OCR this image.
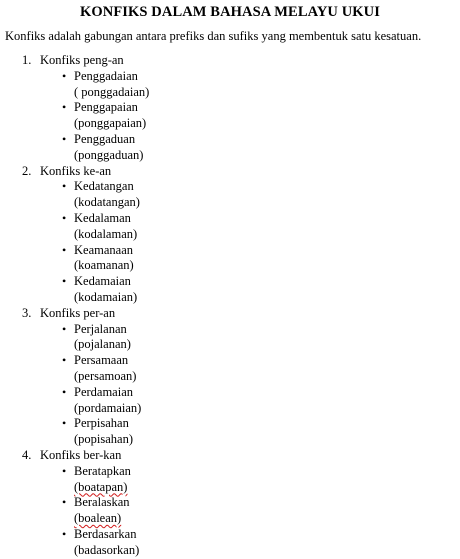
KONFIKS DALAM BAHASA MELAYU UKUI
Konfiks adalah gabungan antara prefiks dan sufiks yang membentuk satu kesatuan.
1. Konfiks peng-an
• Penggadaian
( ponggadaian)
• Penggapaian
(ponggapaian)
• Penggaduan
(ponggaduan)
2. Konfiks ke-an
• Kedatangan
(kodatangan)
• Kedalaman
(kodalaman)
• Keamanaan
(koamanan)
• Kedamaian
(kodamaian)
3. Konfiks per-an
• Perjalanan
(pojalanan)
• Persamaan
(persamoan)
• Perdamaian
(pordamaian)
• Perpisahan
(popisahan)
4. Konfiks ber-kan
• Beratapkan
(boatapan)
• Beralaskan
(boalean)
• Berdasarkan
(badasorkan)
